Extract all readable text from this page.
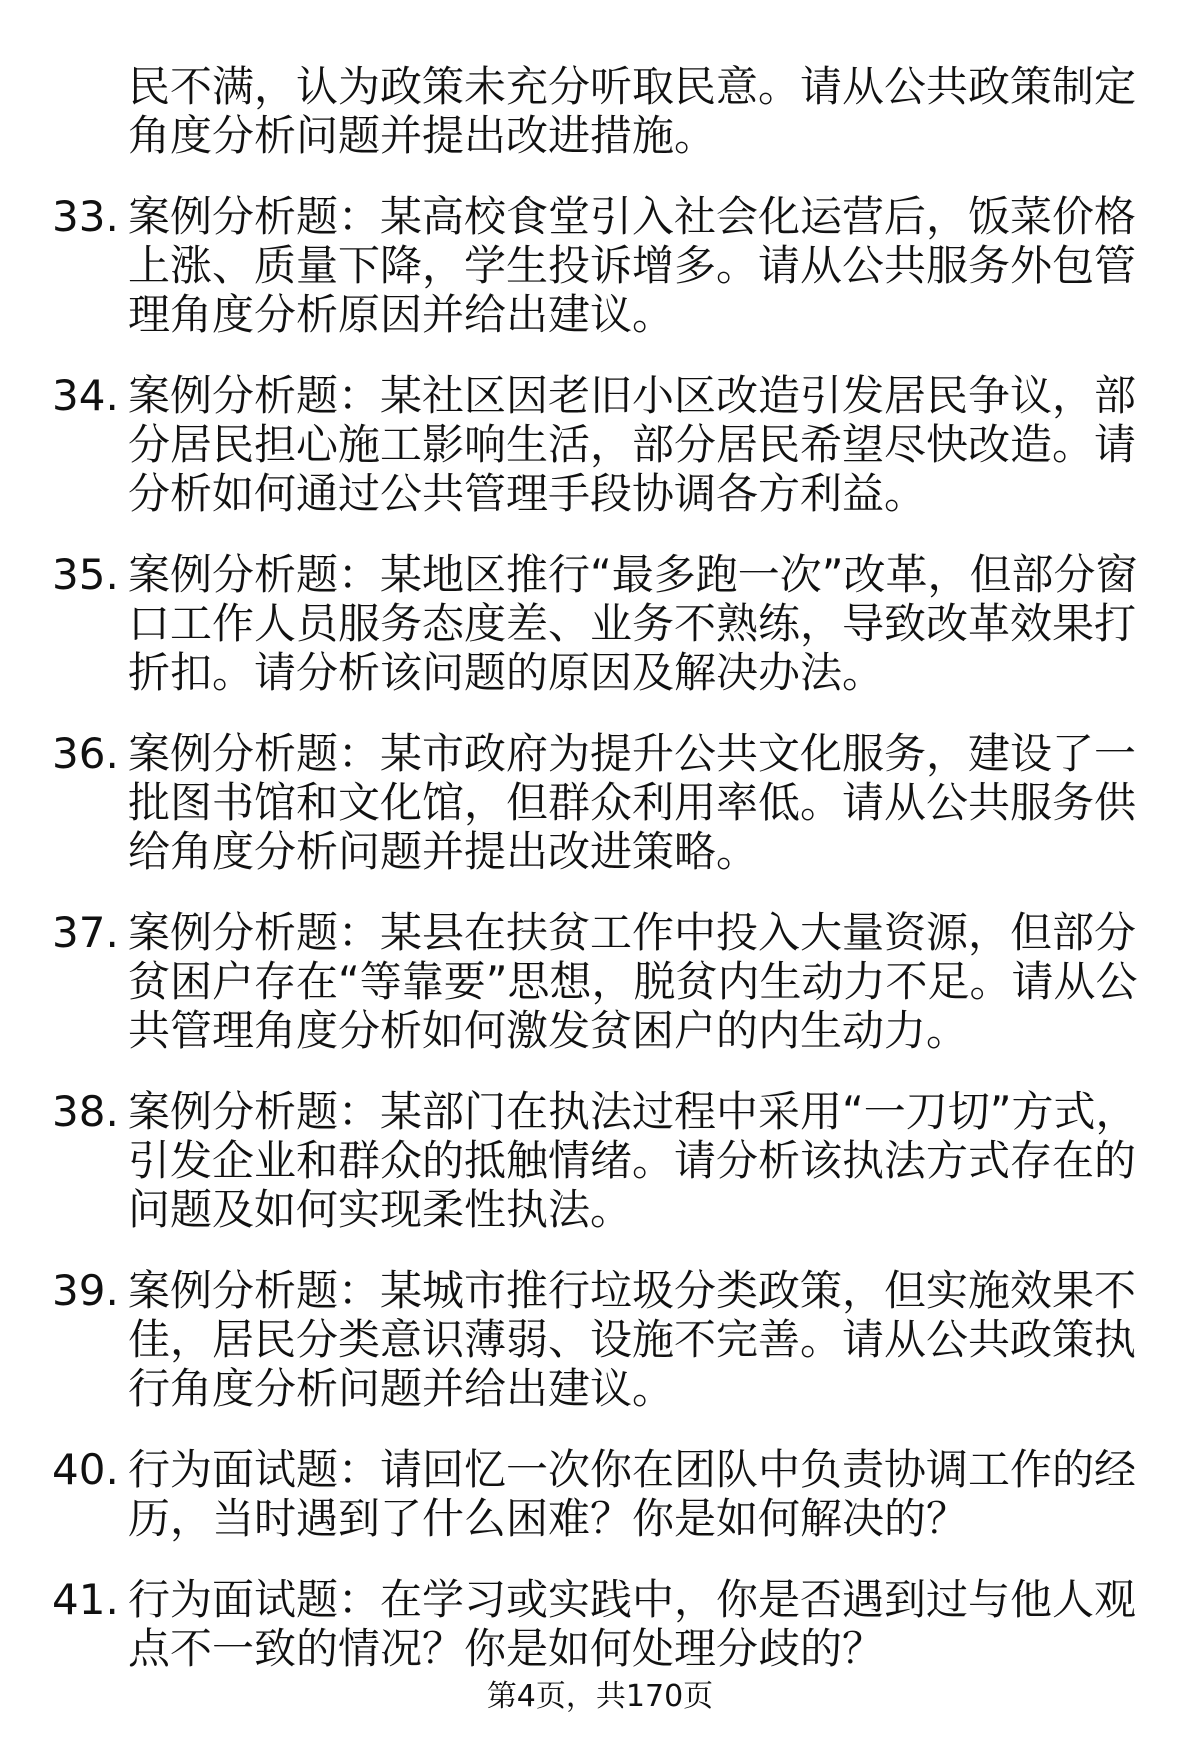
民不满，认为政策未充分听取民意。请从公共政策制定角度分析问题并提出改进措施。
33. 案例分析题：某高校食堂引入社会化运营后，饭菜价格上涨、质量下降，学生投诉增多。请从公共服务外包管理角度分析原因并给出建议。
34. 案例分析题：某社区因老旧小区改造引发居民争议，部分居民担心施工影响生活，部分居民希望尽快改造。请分析如何通过公共管理手段协调各方利益。
35. 案例分析题：某地区推行“最多跑一次”改革，但部分窗口工作人员服务态度差、业务不熟练，导致改革效果打折扣。请分析该问题的原因及解决办法。
36. 案例分析题：某市政府为提升公共文化服务，建设了一批图书馆和文化馆，但群众利用率低。请从公共服务供给角度分析问题并提出改进策略。
37. 案例分析题：某县在扶贫工作中投入大量资源，但部分贫困户存在“等靠要”思想，脱贫内生动力不足。请从公共管理角度分析如何激发贫困户的内生动力。
38. 案例分析题：某部门在执法过程中采用“一刀切”方式，引发企业和群众的抵触情绪。请分析该执法方式存在的问题及如何实现柔性执法。
39. 案例分析题：某城市推行垃圾分类政策，但实施效果不佳，居民分类意识薄弱、设施不完善。请从公共政策执行角度分析问题并给出建议。
40. 行为面试题：请回忆一次你在团队中负责协调工作的经历，当时遇到了什么困难？你是如何解决的？
41. 行为面试题：在学习或实践中，你是否遇到过与他人观点不一致的情况？你是如何处理分歧的？
第4页，共170页
